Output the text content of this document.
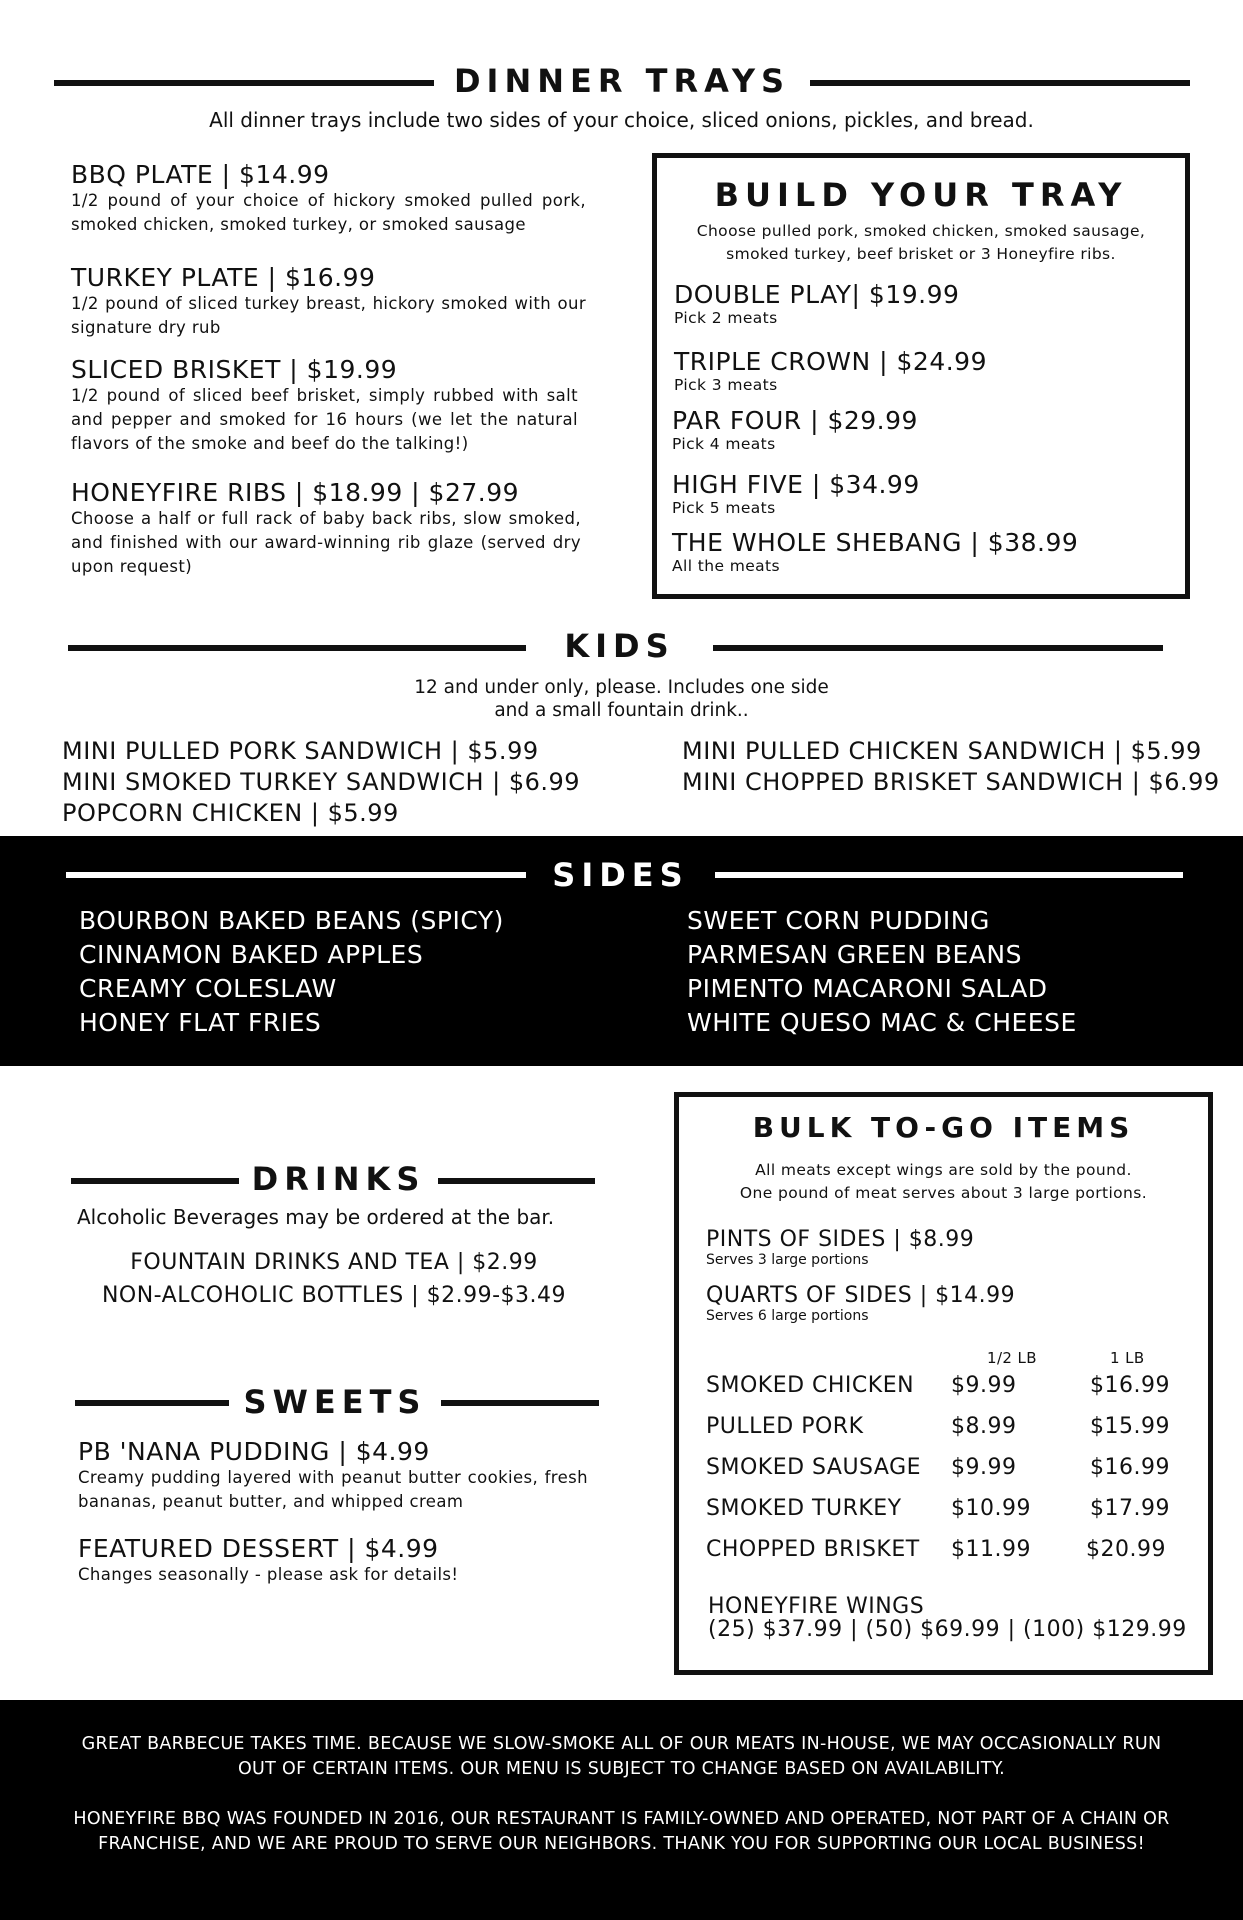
DINNER TRAYS
All dinner trays include two sides of your choice, sliced onions, pickles, and bread.
BBQ PLATE | $14.99
1/2 pound of your choice of hickory smoked pulled pork, smoked chicken, smoked turkey, or smoked sausage
TURKEY PLATE | $16.99
1/2 pound of sliced turkey breast, hickory smoked with our signature dry rub
SLICED BRISKET | $19.99
1/2 pound of sliced beef brisket, simply rubbed with salt and pepper and smoked for 16 hours (we let the natural flavors of the smoke and beef do the talking!)
HONEYFIRE RIBS | $18.99 | $27.99
Choose a half or full rack of baby back ribs, slow smoked, and finished with our award-winning rib glaze (served dry upon request)
BUILD YOUR TRAY
Choose pulled pork, smoked chicken, smoked sausage,
smoked turkey, beef brisket or 3 Honeyfire ribs.
DOUBLE PLAY| $19.99
Pick 2 meats
TRIPLE CROWN | $24.99
Pick 3 meats
PAR FOUR | $29.99
Pick 4 meats
HIGH FIVE | $34.99
Pick 5 meats
THE WHOLE SHEBANG | $38.99
All the meats
KIDS
12 and under only, please. Includes one side
and a small fountain drink..
MINI PULLED PORK SANDWICH | $5.99
MINI SMOKED TURKEY SANDWICH | $6.99
POPCORN CHICKEN | $5.99
MINI PULLED CHICKEN SANDWICH | $5.99
MINI CHOPPED BRISKET SANDWICH | $6.99
SIDES
BOURBON BAKED BEANS (SPICY)
CINNAMON BAKED APPLES
CREAMY COLESLAW
HONEY FLAT FRIES
SWEET CORN PUDDING
PARMESAN GREEN BEANS
PIMENTO MACARONI SALAD
WHITE QUESO MAC & CHEESE
DRINKS
Alcoholic Beverages may be ordered at the bar.
FOUNTAIN DRINKS AND TEA | $2.99
NON-ALCOHOLIC BOTTLES | $2.99-$3.49
SWEETS
PB 'NANA PUDDING | $4.99
Creamy pudding layered with peanut butter cookies, fresh bananas, peanut butter, and whipped cream
FEATURED DESSERT | $4.99
Changes seasonally - please ask for details!
BULK TO-GO ITEMS
All meats except wings are sold by the pound.
One pound of meat serves about 3 large portions.
PINTS OF SIDES | $8.99
Serves 3 large portions
QUARTS OF SIDES | $14.99
Serves 6 large portions
1/2 LB	1 LB
SMOKED CHICKEN $9.99	$16.99
PULLED PORK	$8.99	$15.99
SMOKED SAUSAGE $9.99	$16.99
SMOKED TURKEY $10.99	$17.99
CHOPPED BRISKET $11.99	$20.99
HONEYFIRE WINGS
(25) $37.99 | (50) $69.99 | (100) $129.99

GREAT BARBECUE TAKES TIME. BECAUSE WE SLOW-SMOKE ALL OF OUR MEATS IN-HOUSE, WE MAY OCCASIONALLY RUN OUT OF CERTAIN ITEMS. OUR MENU IS SUBJECT TO CHANGE BASED ON AVAILABILITY.

HONEYFIRE BBQ WAS FOUNDED IN 2016, OUR RESTAURANT IS FAMILY-OWNED AND OPERATED, NOT PART OF A CHAIN OR FRANCHISE, AND WE ARE PROUD TO SERVE OUR NEIGHBORS. THANK YOU FOR SUPPORTING OUR LOCAL BUSINESS!
